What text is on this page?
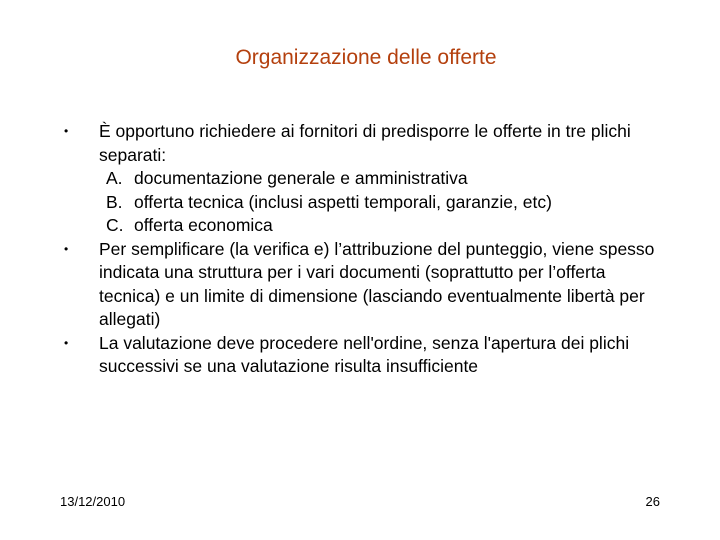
Organizzazione delle offerte
•	È opportuno richiedere ai fornitori di predisporre le offerte in tre plichi separati:
A. documentazione generale e amministrativa
B. offerta tecnica (inclusi aspetti temporali, garanzie, etc)
C. offerta economica
•	Per semplificare (la verifica e) l’attribuzione del punteggio, viene spesso indicata una struttura per i vari documenti (soprattutto per l’offerta tecnica) e un limite di dimensione (lasciando eventualmente libertà per allegati)
•	La valutazione deve procedere nell'ordine, senza l'apertura dei plichi successivi se una valutazione risulta insufficiente
13/12/2010	26
